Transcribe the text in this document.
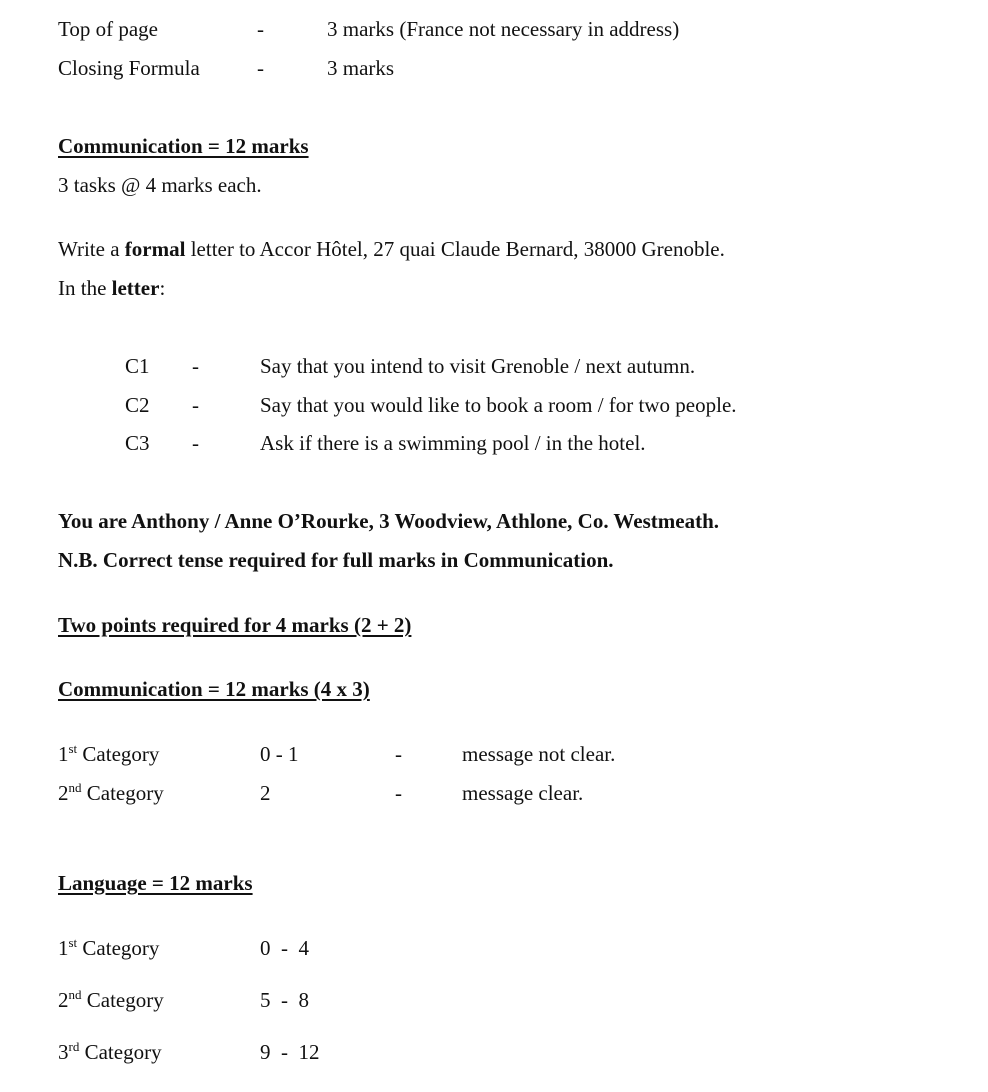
Top of page	-	3 marks (France not necessary in address)
Closing Formula	-	3 marks
Communication = 12 marks
3 tasks @ 4 marks each.
Write a formal letter to Accor Hôtel, 27 quai Claude Bernard, 38000 Grenoble.
In the letter:
C1 -	Say that you intend to visit Grenoble / next autumn.
C2 -	Say that you would like to book a room / for two people.
C3 -	Ask if there is a swimming pool / in the hotel.
You are Anthony / Anne O’Rourke, 3 Woodview, Athlone, Co. Westmeath.
N.B. Correct tense required for full marks in Communication.
Two points required for 4 marks (2 + 2)
Communication = 12 marks (4 x 3)
1st Category	0 - 1	-	message not clear.
2nd Category	2	-	message clear.
Language = 12 marks
1st Category	0  -  4
2nd Category	5  -  8
3rd Category	9  -  12
